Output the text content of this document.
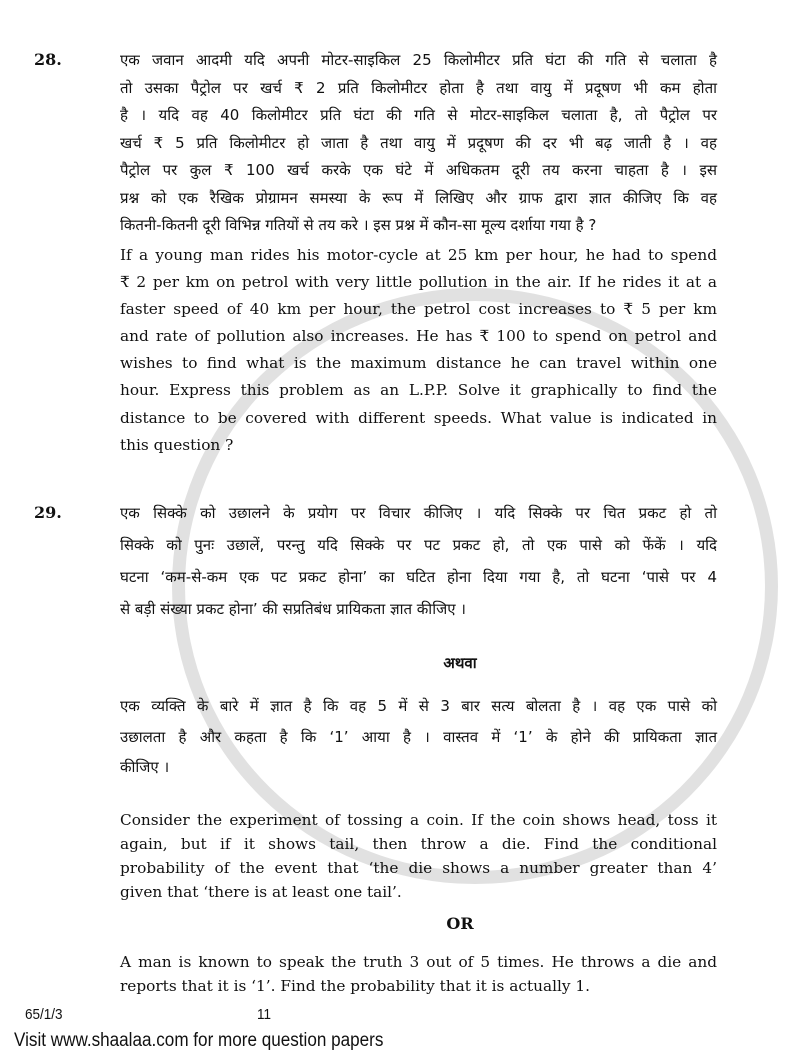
28.	एक जवान आदमी यदि अपनी मोटर-साइकिल 25 किलोमीटर प्रति घंटा की गति से चलाता है
तो उसका पैट्रोल पर खर्च ₹ 2 प्रति किलोमीटर होता है तथा वायु में प्रदूषण भी कम होता
है । यदि वह 40 किलोमीटर प्रति घंटा की गति से मोटर-साइकिल चलाता है, तो पैट्रोल पर
खर्च ₹ 5 प्रति किलोमीटर हो जाता है तथा वायु में प्रदूषण की दर भी बढ़ जाती है । वह
पैट्रोल पर कुल ₹ 100 खर्च करके एक घंटे में अधिकतम दूरी तय करना चाहता है । इस
प्रश्न को एक रैखिक प्रोग्रामन समस्या के रूप में लिखिए और ग्राफ द्वारा ज्ञात कीजिए कि वह
कितनी-कितनी दूरी विभिन्न गतियों से तय करे । इस प्रश्न में कौन-सा मूल्य दर्शाया गया है ?
If a young man rides his motor-cycle at 25 km per hour, he had to spend
₹ 2 per km on petrol with very little pollution in the air. If he rides it at a
faster speed of 40 km per hour, the petrol cost increases to ₹ 5 per km
and rate of pollution also increases. He has ₹ 100 to spend on petrol and
wishes to find what is the maximum distance he can travel within one
hour. Express this problem as an L.P.P. Solve it graphically to find the
distance to be covered with different speeds. What value is indicated in
this question ?
29.	एक सिक्के को उछालने के प्रयोग पर विचार कीजिए । यदि सिक्के पर चित प्रकट हो तो
सिक्के को पुनः उछालें, परन्तु यदि सिक्के पर पट प्रकट हो, तो एक पासे को फेंकें । यदि
घटना ‘कम-से-कम एक पट प्रकट होना’ का घटित होना दिया गया है, तो घटना ‘पासे पर 4
से बड़ी संख्या प्रकट होना’ की सप्रतिबंध प्रायिकता ज्ञात कीजिए ।
अथवा
एक व्यक्ति के बारे में ज्ञात है कि वह 5 में से 3 बार सत्य बोलता है । वह एक पासे को
उछालता है और कहता है कि ‘1’ आया है । वास्तव में ‘1’ के होने की प्रायिकता ज्ञात
कीजिए ।
Consider the experiment of tossing a coin. If the coin shows head, toss it
again, but if it shows tail, then throw a die. Find the conditional
probability of the event that ‘the die shows a number greater than 4’
given that ‘there is at least one tail’.
OR
A man is known to speak the truth 3 out of 5 times. He throws a die and
reports that it is ‘1’. Find the probability that it is actually 1.
65/1/3	11
Visit www.shaalaa.com for more question papers
